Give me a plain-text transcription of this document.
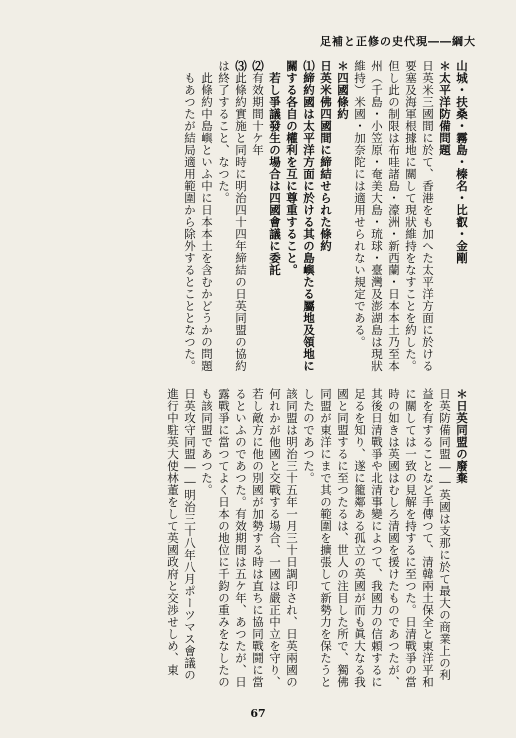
大綱――現代史の修正と補足

山城・扶桑・霧島・榛名・比叡・金剛

＊太平洋防備問題

日英米三國間に於て、香港をも加へた太平洋方面に於ける要塞及海軍根據地に關して現狀維持をなすことを約した。但し此の制限は布哇諸島・濠洲・新西蘭・日本本土乃至本州（千島・小笠原・奄美大島・琉球・臺灣及澎湖島は現狀維持）米國・加奈陀には適用せられない規定である。

＊四國條約

日英米佛四國間に締結せられた條約

⑴締約國は太平洋方面に於ける其の島嶼たる屬地及領地に關する各自の權利を互に尊重すること。

若し爭議發生の場合は四國會議に委託

⑵有效期間十ケ年

⑶此條約實施と同時に明治四十四年締結の日英同盟の協約は終了すること、なつた。

此條約中島嶼といふ中に日本本土を含むかどうかの問題もあつたが結局適用範圍から除外するとこととなつた。

＊日英同盟の廢棄

日英防備同盟――英國は支那に於て最大の商業上の利益を有することなど手傳つて、清韓兩土保全と東洋平和に關しては一致の見解を持するに至つた。日清戰爭の當時の如きは英國はむしろ清國を援けたものであつたが、其後日清戰爭や北清事變によつて、我國力の信頼するに足るを知り、遂に籠鄰ある孤立の英國が而も眞大なる我國と同盟するに至つたるは、世人の注目した所で、獨佛同盟が東洋にまで其の範圍を擴張して新勢力を保たうとしたのであつた。

該同盟は明治三十五年一月三十日調印され、日英兩國の何れかが他國と交戰する場合、一國は嚴正中立を守り、若し敵方に他の別國が加勢する時は直ちに協同戰鬪に當るといふのであつた。有效期間は五ケ年、あつたが、日露戰爭に當つてよく日本の地位に千鈞の重みをなしたのも該同盟であつた。

日英攻守同盟――明治三十八年八月ポーツマス會議の進行中駐英大使林董をして英國政府と交渉せしめ、東

67
